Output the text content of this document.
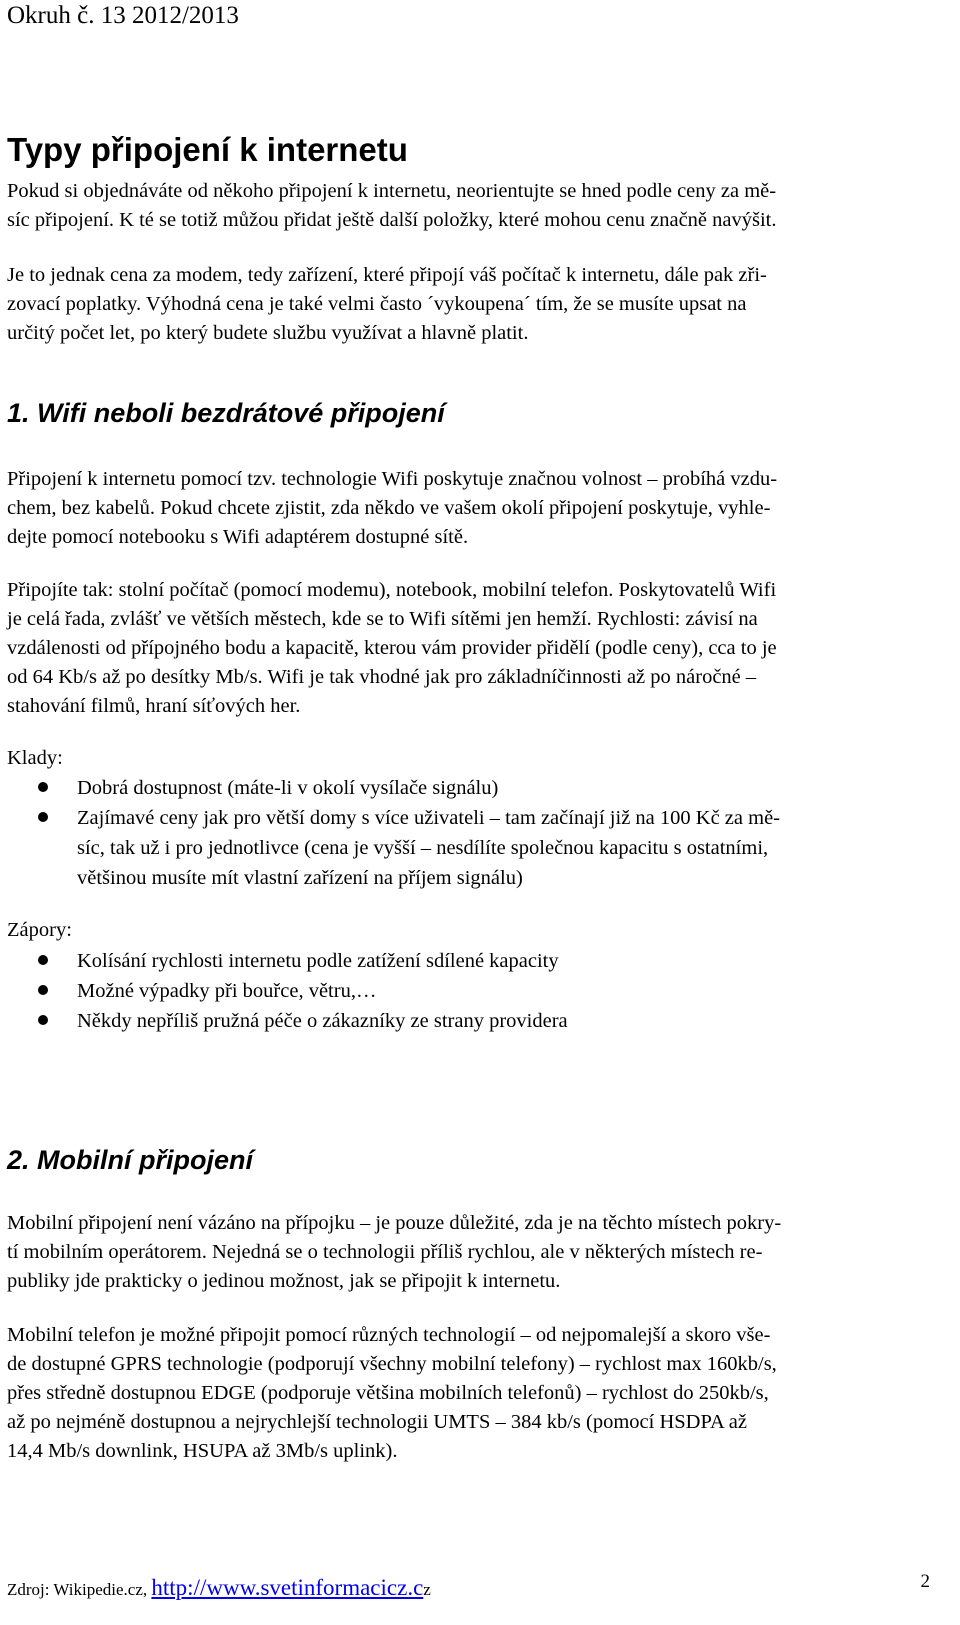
Okruh č. 13 2012/2013
Typy připojení k internetu
Pokud si objednáváte od někoho připojení k internetu, neorientujte se hned podle ceny za mě-
síc připojení. K té se totiž můžou přidat ještě další položky, které mohou cenu značně navýšit.
Je to jednak cena za modem, tedy zařízení, které připojí váš počítač k internetu, dále pak zři-
zovací poplatky. Výhodná cena je také velmi často ´vykoupena´ tím, že se musíte upsat na
určitý počet let, po který budete službu využívat a hlavně platit.
1. Wifi neboli bezdrátové připojení
Připojení k internetu pomocí tzv. technologie Wifi poskytuje značnou volnost – probíhá vzdu-
chem, bez kabelů. Pokud chcete zjistit, zda někdo ve vašem okolí připojení poskytuje, vyhle-
dejte pomocí notebooku s Wifi adaptérem dostupné sítě.
Připojíte tak: stolní počítač (pomocí modemu), notebook, mobilní telefon. Poskytovatelů Wifi
je celá řada, zvlášť ve větších městech, kde se to Wifi sítěmi jen hemží. Rychlosti: závisí na
vzdálenosti od přípojného bodu a kapacitě, kterou vám provider přidělí (podle ceny), cca to je
od 64 Kb/s až po desítky Mb/s. Wifi je tak vhodné jak pro základníčinnosti až po náročné –
stahování filmů, hraní síťových her.
Klady:
Dobrá dostupnost (máte-li v okolí vysílače signálu)
Zajímavé ceny jak pro větší domy s více uživateli – tam začínají již na 100 Kč za mě-
síc, tak už i pro jednotlivce (cena je vyšší – nesdílíte společnou kapacitu s ostatními,
většinou musíte mít vlastní zařízení na příjem signálu)
Zápory:
Kolísání rychlosti internetu podle zatížení sdílené kapacity
Možné výpadky při bouřce, větru,…
Někdy nepříliš pružná péče o zákazníky ze strany providera
2. Mobilní připojení
Mobilní připojení není vázáno na přípojku – je pouze důležité, zda je na těchto místech pokry-
tí mobilním operátorem. Nejedná se o technologii příliš rychlou, ale v některých místech re-
publiky jde prakticky o jedinou možnost, jak se připojit k internetu.
Mobilní telefon je možné připojit pomocí různých technologií – od nejpomalejší a skoro vše-
de dostupné GPRS technologie (podporují všechny mobilní telefony) – rychlost max 160kb/s,
přes středně dostupnou EDGE (podporuje většina mobilních telefonů) – rychlost do 250kb/s,
až po nejméně dostupnou a nejrychlejší technologii UMTS – 384 kb/s (pomocí HSDPA až
14,4 Mb/s downlink, HSUPA až 3Mb/s uplink).
Zdroj: Wikipedie.cz, http://www.svetinformacicz.cz	2
